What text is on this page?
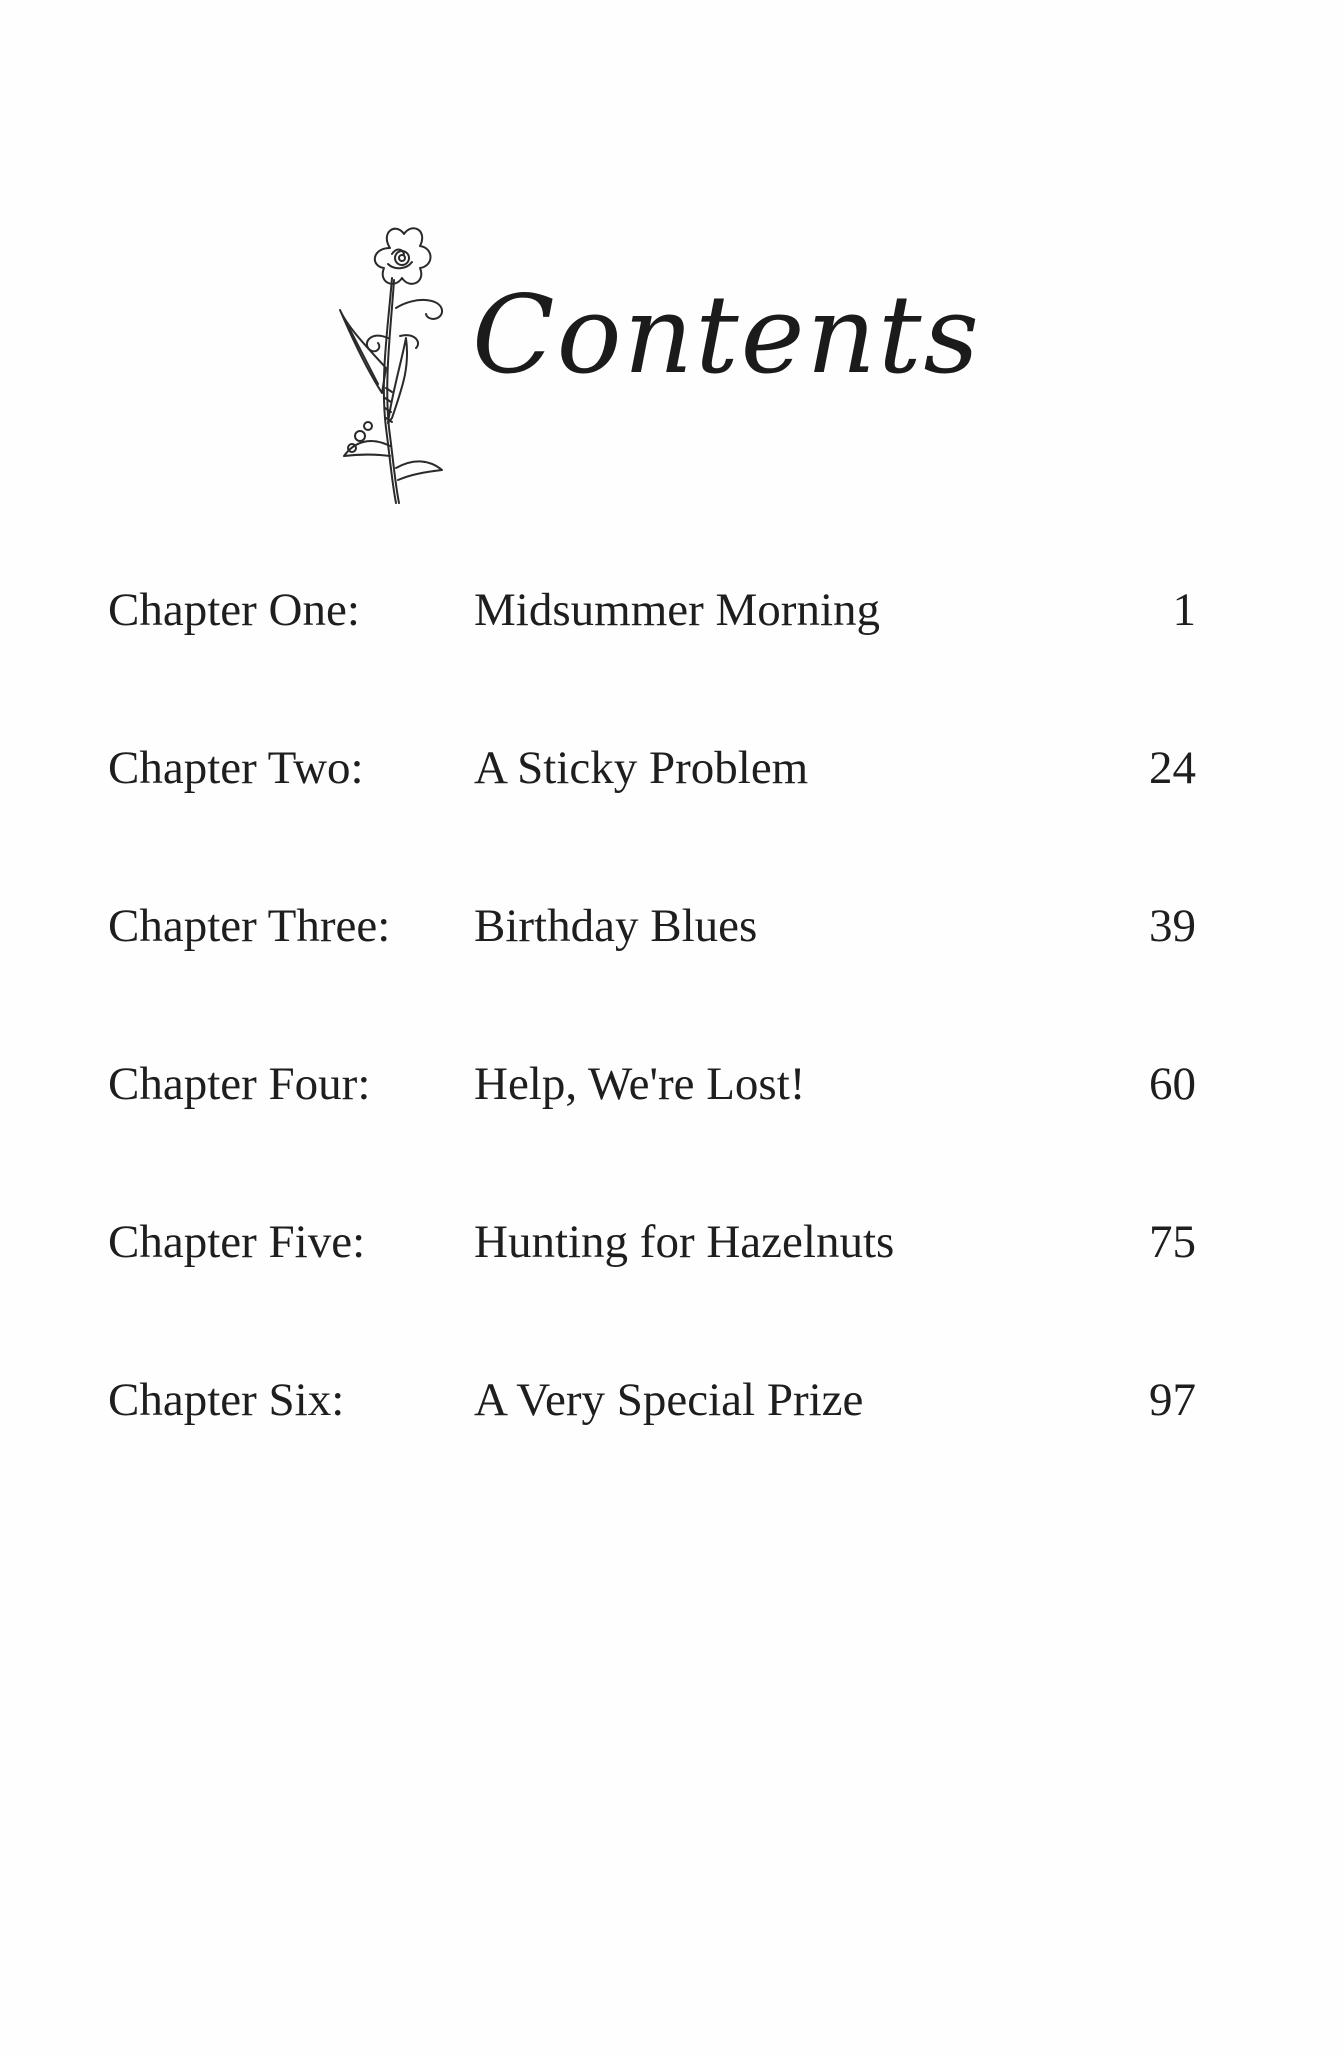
Contents
Chapter One: Midsummer Morning	1
Chapter Two: A Sticky Problem	24
Chapter Three: Birthday Blues	39
Chapter Four: Help, We're Lost!	60
Chapter Five: Hunting for Hazelnuts	75
Chapter Six:	A Very Special Prize	97
